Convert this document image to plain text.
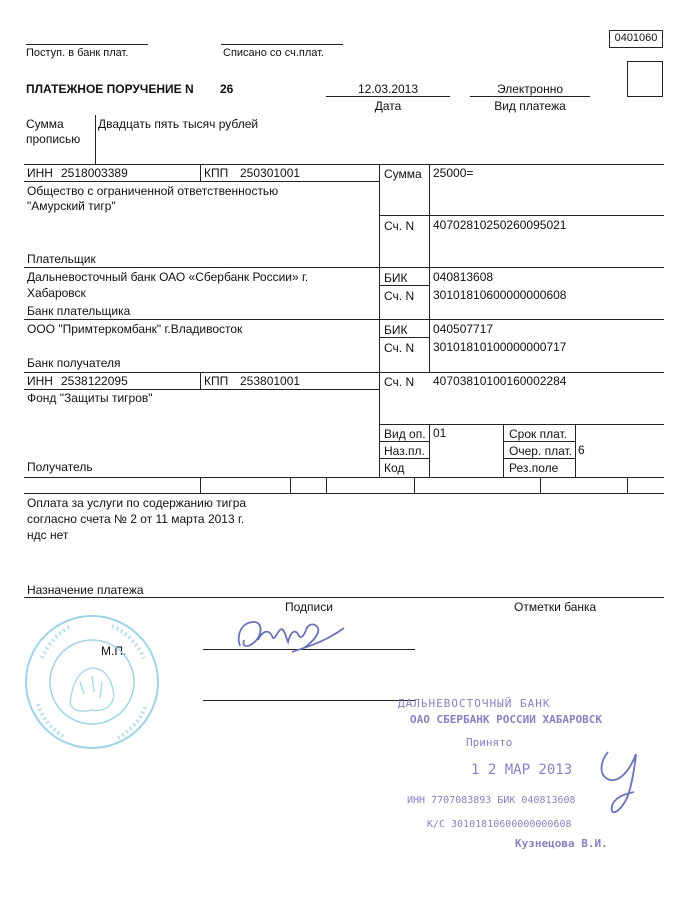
0401060
Поступ. в банк плат.	Списано со сч.плат.
ПЛАТЕЖНОЕ ПОРУЧЕНИЕ N 26	12.03.2013
Дата
Электронно
Вид платежа
Сумма
прописью
Двадцать пять тысяч рублей
ИНН 2518003389	КПП 250301001	Сумма 25000=
Общество с ограниченной ответственностью
"Амурский тигр"
Сч. N 40702810250260095021
Плательщик
Дальневосточный банк ОАО «Сбербанк России» г.
Хабаровск
Банк плательщика
БИК 040813608
Сч. N 30101810600000000608
ООО "Примтеркомбанк" г.Владивосток
Банк получателя
БИК 040507717
Сч. N 30101810100000000717
ИНН 2538122095	КПП 253801001	Сч. N 40703810100160002284
Фонд "Защиты тигров"
Получатель
Вид оп. 01	Срок плат.
Наз.пл.	Очер. плат. 6
Код	Рез.поле
Оплата за услуги по содержанию тигра
согласно счета № 2 от 11 марта 2013 г.
ндс нет
Назначение платежа
Подписи	Отметки банка
М.П.
ДАЛЬНЕВОСТОЧНЫЙ БАНК
ОАО СБЕРБАНК РОССИИ ХАБАРОВСК
Принято
1 2 МАР 2013
ИНН 7707083893 БИК 040813608
К/С 30101810600000000608
Кузнецова В.И.
